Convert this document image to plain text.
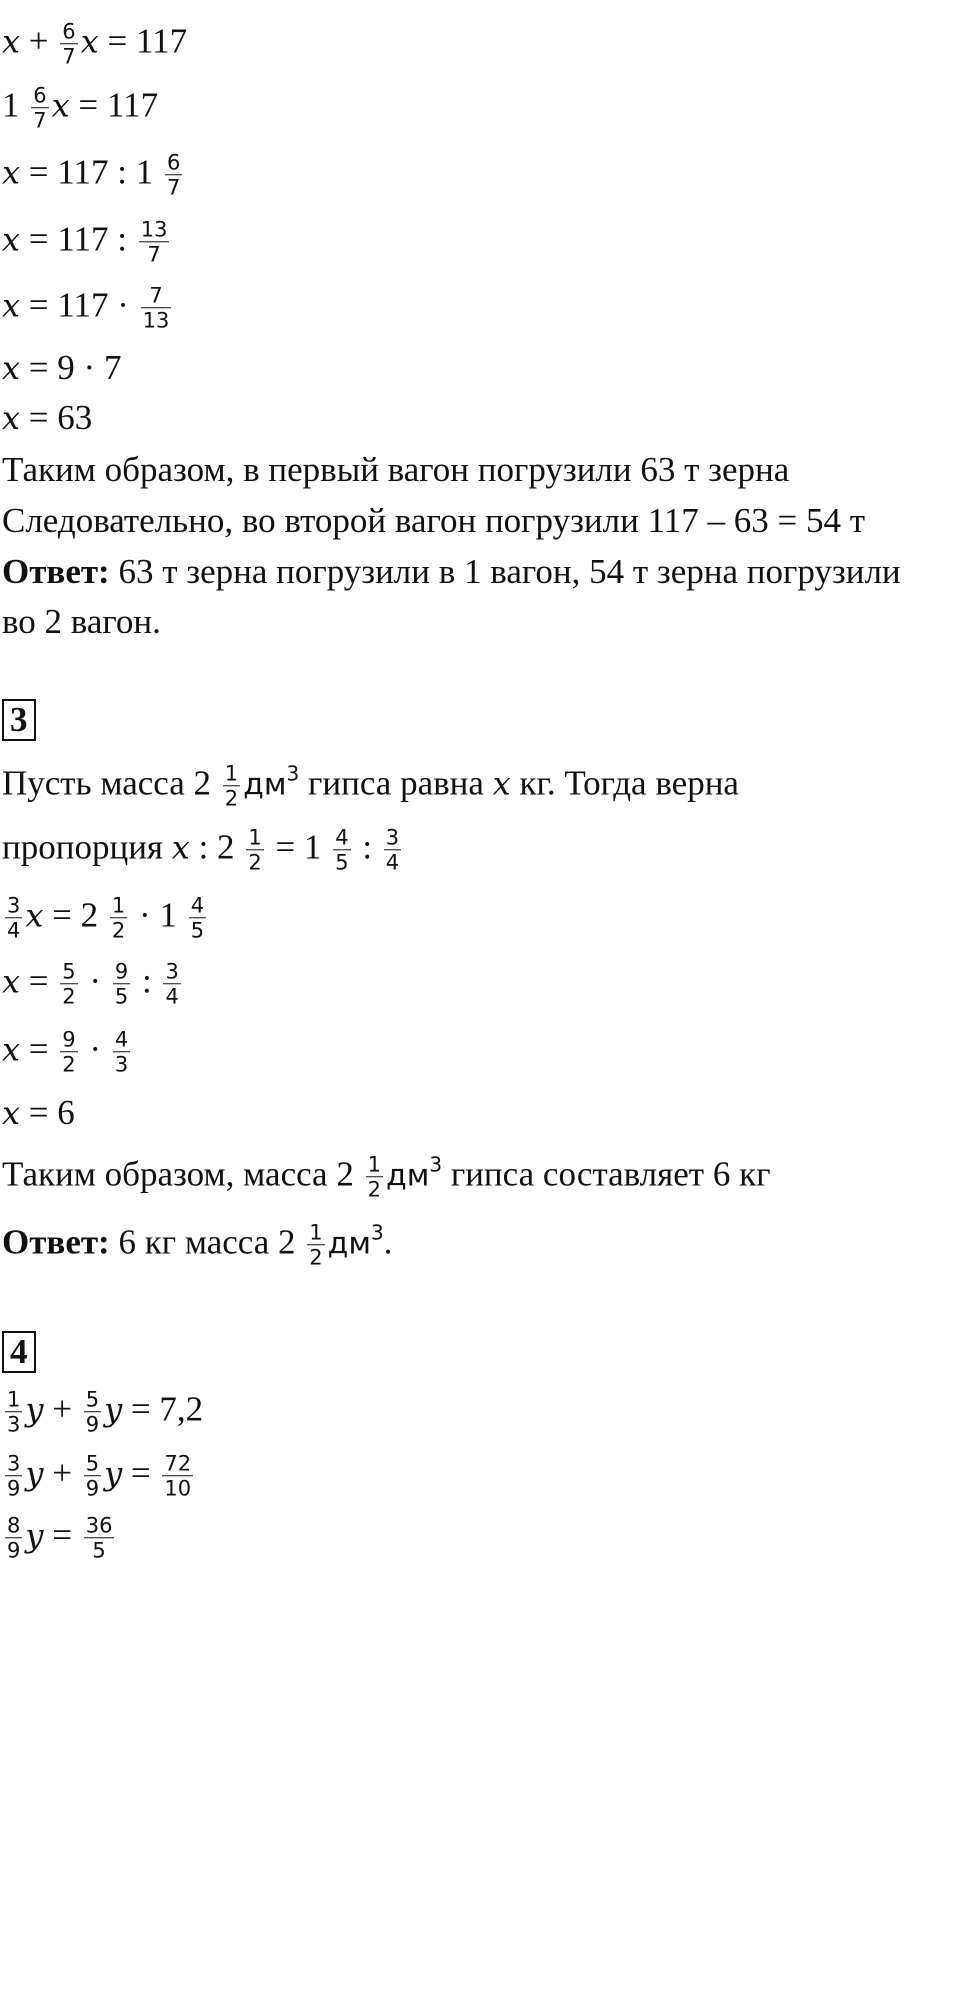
$x + \frac{6}{7}$ x = 117
$1 \frac{6}{7}$ x = 117
x = 117 : $1 \frac{6}{7}$
x = 117 : $\frac{13}{7}$
$x = 117 \cdot \frac{7}{13}$
x = 9 · 7
x = 63
Таким образом, в первый вагон погрузили 63 т зерна
Следовательно, во второй вагон погрузили 117 – 63 = 54 т
Ответ: 63 т зерна погрузили в 1 вагон, 54 т зерна погрузили
во 2 вагон.
3
Пусть масса $2 \frac{1}{2} дм^3$ гипса равна x кг. Тогда верна
пропорция x : $2 \frac{1}{2} = 1 \frac{4}{5}$ : $\frac{3}{4}$
$\frac{3}{4}$ $x = 2 \frac{1}{2} \cdot 1 \frac{4}{5}$
$x = \frac{5}{2} \cdot \frac{9}{5}$ : $\frac{3}{4}$
$x = \frac{9}{2} \cdot \frac{4}{3}$
x = 6
Таким образом, масса $2 \frac{1}{2} дм^3$ гипса составляет 6 кг
Ответ: 6 кг масса $2 \frac{1}{2} дм^3$.
4
$\frac{1}{3}$ $y + \frac{5}{9}$ y = 7,2
$\frac{3}{9}$ $y + \frac{5}{9}$ $y = \frac{72}{10}$
$\frac{8}{9}$ $y = \frac{36}{5}$
